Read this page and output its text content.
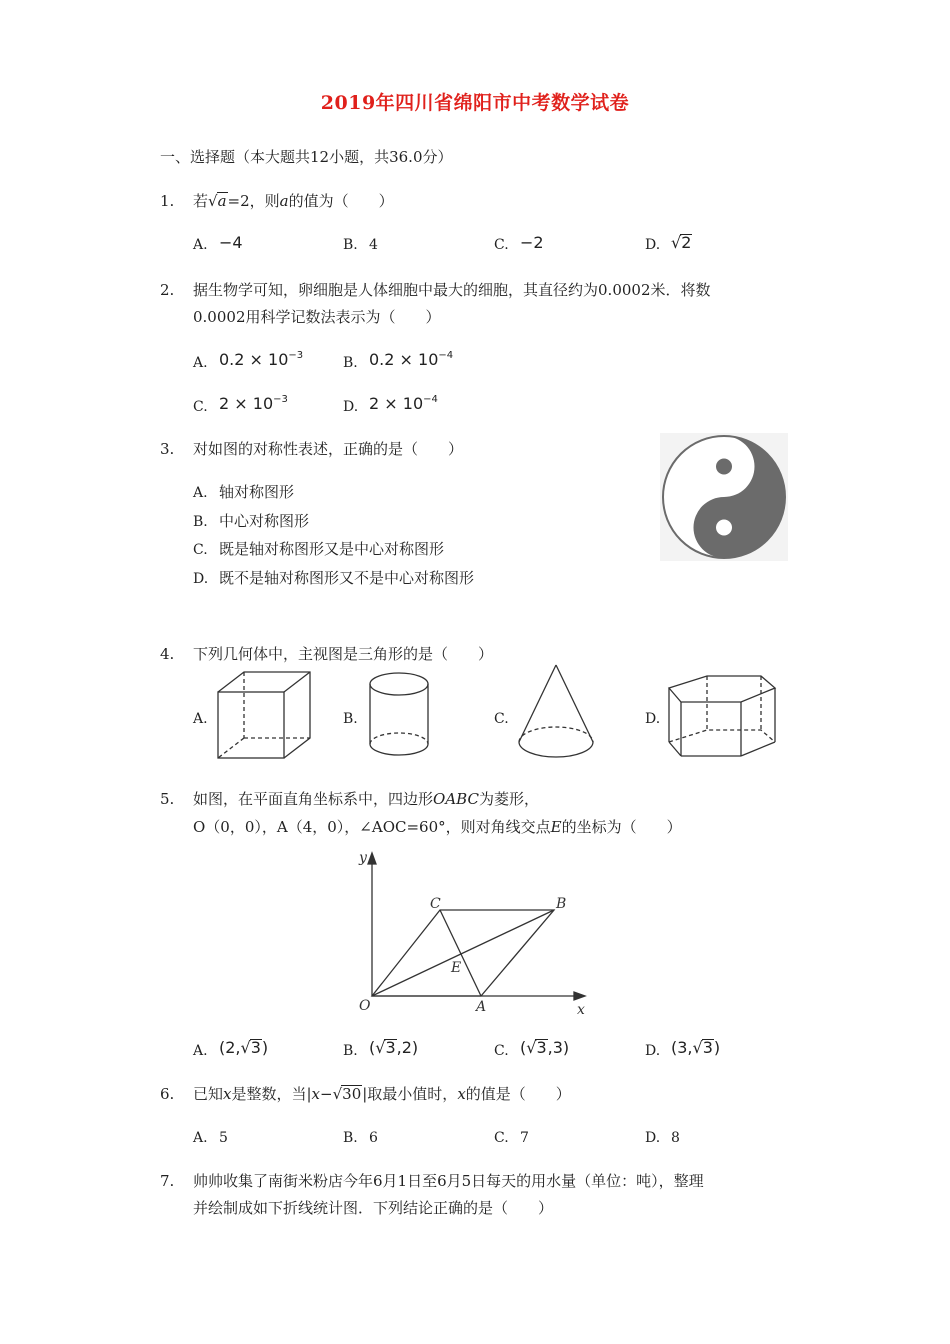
2019年四川省绵阳市中考数学试卷
一、选择题（本大题共12小题，共36.0分）
1. 若√a=2，则a的值为（　　）
A. −4	B. 4	C. −2	D. √2
2. 据生物学可知，卵细胞是人体细胞中最大的细胞，其直径约为0.0002米．将数
0.0002用科学记数法表示为（　　）
A. $0.2 \times 10^{-3}$	B. $0.2 \times 10^{-4}$
C. $2 \times 10^{-3}$	D. $2 \times 10^{-4}$
3. 对如图的对称性表述，正确的是（　　）
A. 轴对称图形
B. 中心对称图形
C. 既是轴对称图形又是中心对称图形
D. 既不是轴对称图形又不是中心对称图形
4. 下列几何体中，主视图是三角形的是（　　）
A.	B.	C.	D.
5. 如图，在平面直角坐标系中，四边形OABC为菱形，
O（0，0），A（4，0），∠AOC=60°，则对角线交点E的坐标为（　　）
y
x
O	A
B
C
E
A. (2,√3)	B. (√3,2)	C. (√3,3)	D. (3,√3)
6. 已知x是整数，当|x−√30|取最小值时，x的值是（　　）
A. 5	B. 6	C. 7	D. 8
7. 帅帅收集了南街米粉店今年6月1日至6月5日每天的用水量（单位：吨），整理
并绘制成如下折线统计图．下列结论正确的是（　　）
